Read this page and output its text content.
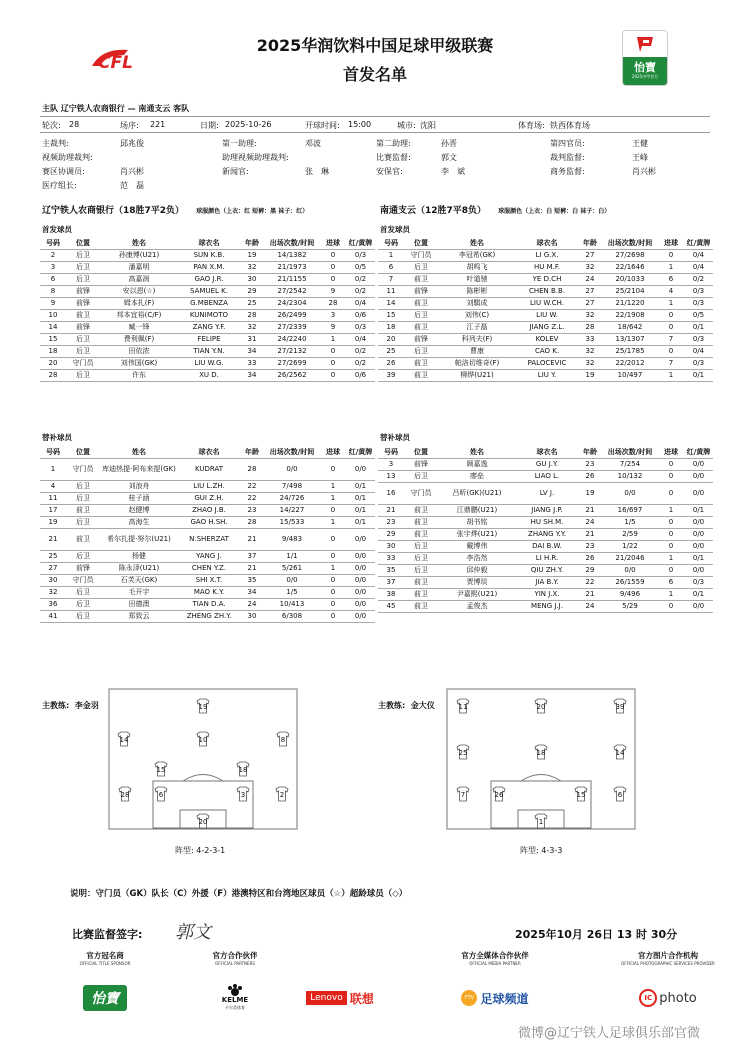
CFL	怡寶
2025中甲官方
2025华润饮料中国足球甲级联赛
首发名单
主队 辽宁铁人农商银行 — 南通支云 客队
轮次: 28	场序: 221	日期: 2025-10-26	开球时间: 15:00	城市: 沈阳	体育场: 铁西体育场
主裁判:	邱兆俊	第一助理:	邓波	第二助理:	孙晋	第四官员:	王健
视频助理裁判:	助理视频助理裁判:	比赛监督:	郭文	裁判监督:	王峰
赛区协调员:	肖兴彬	新闻官:	张　琳	安保官:	李　斌	商务监督:	肖兴彬
医疗组长:	范　磊
辽宁铁人农商银行（18胜7平2负） 球服颜色（上衣：红 短裤：黑 袜子：红）	南通支云（12胜7平8负） 球服颜色（上衣：白 短裤：白 袜子：白）
首发球员	首发球员
号码	位置	姓名	球衣名	年龄	出场次数/时间	进球	红/黄牌
2	后卫	孙康博(U21)	SUN K.B.	19	14/1382	0	0/3
3	后卫	潘嘉明	PAN X.M.	32	21/1973	0	0/5
6	后卫	高嘉润	GAO J.R.	30	21/1155	0	0/2
8	前锋	安以恩(☆)	SAMUEL K.	29	27/2542	9	0/2
9	前锋	姆本扎(F)	G.MBENZA	25	24/2304	28	0/4
10	前卫	邦本宜裕(C/F)	KUNIMOTO	28	26/2499	3	0/6
14	前锋	臧一锋	ZANG Y.F.	32	27/2339	9	0/3
15	后卫	费利佩(F)	FELIPE	31	24/2240	1	0/4
18	后卫	田依浓	TIAN Y.N.	34	27/2132	0	0/2
20	守门员	刘伟国(GK)	LIU W.G.	33	27/2699	0	0/2
28	后卫	许东	XU D.	34	26/2562	0	0/6
号码	位置	姓名	球衣名	年龄	出场次数/时间	进球	红/黄牌
1	守门员	李冠希(GK)	LI G.X.	27	27/2698	0	0/4
6	后卫	胡鸣飞	HU M.F.	32	22/1646	1	0/4
7	前卫	叶道驰	YE D.CH	24	20/1033	6	0/2
11	前锋	陈彬彬	CHEN B.B.	27	25/2104	4	0/3
14	前卫	刘騏成	LIU W.CH.	27	21/1220	1	0/3
15	后卫	刘伟(C)	LIU W.	32	22/1908	0	0/5
18	前卫	江子磊	JIANG Z.L.	28	18/642	0	0/1
20	前锋	科列夫(F)	KOLEV	33	13/1307	7	0/3
25	后卫	曹康	CAO K.	32	25/1785	0	0/4
26	前卫	帕洛切维奇(F)	PALOCEVIC	32	22/2012	7	0/3
39	前卫	柳烨(U21)	LIU Y.	19	10/497	1	0/1
替补球员	替补球员
号码	位置	姓名	球衣名	年龄	出场次数/时间	进球	红/黄牌
1	守门员	库迪热提·阿布来提(GK)	KUDRAT	28	0/0	0	0/0
4	后卫	刘浪舟	LIU L.ZH.	22	7/498	1	0/1
11	后卫	桂子涵	GUI Z.H.	22	24/726	1	0/1
17	前卫	赵健博	ZHAO J.B.	23	14/227	0	0/1
19	后卫	高海生	GAO H.SH.	28	15/533	1	0/1
21	前卫	希尔扎提·努尔(U21)	N.SHERZAT	21	9/483	0	0/0
25	后卫	杨健	YANG J.	37	1/1	0	0/0
27	前锋	陈永泽(U21)	CHEN Y.Z.	21	5/261	1	0/0
30	守门员	石芙天(GK)	SHI X.T.	35	0/0	0	0/0
32	后卫	毛开宇	MAO K.Y.	34	1/5	0	0/0
36	后卫	田德澳	TIAN D.A.	24	10/413	0	0/0
41	后卫	郑致云	ZHENG ZH.Y.	30	6/308	0	0/0
号码	位置	姓名	球衣名	年龄	出场次数/时间	进球	红/黄牌
3	前锋	顾嘉逸	GU J.Y.	23	7/254	0	0/0
13	后卫	廖垒	LIAO L.	26	10/132	0	0/0
16	守门员	吕昕(GK)(U21)	LV J.	19	0/0	0	0/0
21	前卫	江鼎鹏(U21)	JIANG J.P.	21	16/697	1	0/1
23	前卫	胡书铭	HU SH.M.	24	1/5	0	0/0
29	前卫	张宇烨(U21)	ZHANG Y.Y.	21	2/59	0	0/0
30	后卫	戴博伟	DAI B.W.	23	1/22	0	0/0
33	后卫	李浩然	LI H.R.	26	21/2046	1	0/1
35	后卫	邱仲毅	QIU ZH.Y.	29	0/0	0	0/0
37	前卫	贾博琰	JIA B.Y.	22	26/1559	6	0/3
38	前卫	尹嘉熙(U21)	YIN J.X.	21	9/496	1	0/1
45	前卫	孟俊杰	MENG J.J.	24	5/29	0	0/0
主教练: 李金羽	主教练: 金大仪
19
14	10	8
15	18
28	6	3	2
20
11	20	39
25	18	14
7	26	15	6
1
阵型: 4-2-3-1	阵型: 4-3-3
说明：守门员（GK）队长（C）外援（F）港澳特区和台湾地区球员（☆）超龄球员（◇）
比赛监督签字: 郭文	2025年10月 26日 13 时 30分
官方冠名商
OFFICIAL TITLE SPONSOR
怡寶
官方合作伙伴
OFFICIAL PARTNERS
KELME
卡尔美体育
Lenovo 联想
官方全媒体合作伙伴
OFFICIAL MEDIA PARTNER
FTV 足球频道
官方图片合作机构
OFFICIAL PHOTOGRAPHIC SERVICES PROVIDER
IC photo
微博@辽宁铁人足球俱乐部官微
